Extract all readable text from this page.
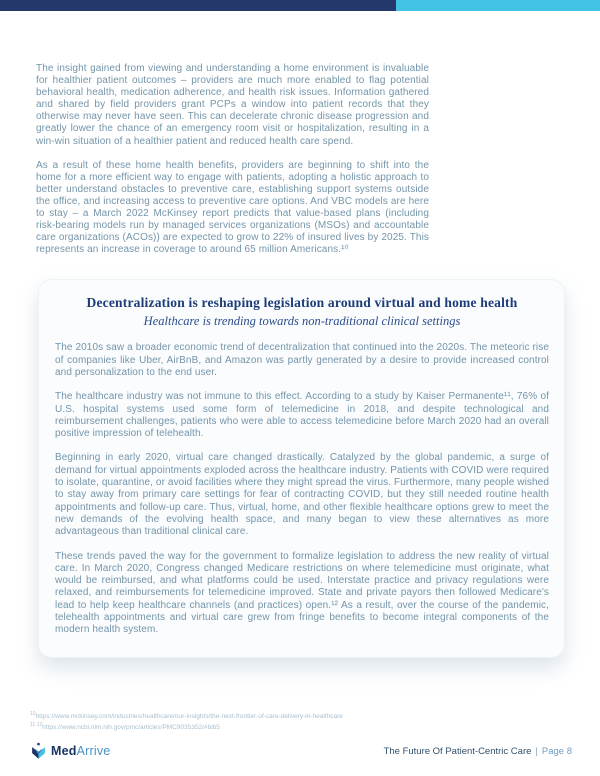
The insight gained from viewing and understanding a home environment is invaluable for healthier patient outcomes – providers are much more enabled to flag potential behavioral health, medication adherence, and health risk issues. Information gathered and shared by field providers grant PCPs a window into patient records that they otherwise may never have seen. This can decelerate chronic disease progression and greatly lower the chance of an emergency room visit or hospitalization, resulting in a win-win situation of a healthier patient and reduced health care spend.

As a result of these home health benefits, providers are beginning to shift into the home for a more efficient way to engage with patients, adopting a holistic approach to better understand obstacles to preventive care, establishing support systems outside the office, and increasing access to preventive care options. And VBC models are here to stay – a March 2022 McKinsey report predicts that value-based plans (including risk-bearing models run by managed services organizations (MSOs) and accountable care organizations (ACOs)) are expected to grow to 22% of insured lives by 2025. This represents an increase in coverage to around 65 million Americans.¹⁰

Decentralization is reshaping legislation around virtual and home health
Healthcare is trending towards non-traditional clinical settings

The 2010s saw a broader economic trend of decentralization that continued into the 2020s. The meteoric rise of companies like Uber, AirBnB, and Amazon was partly generated by a desire to provide increased control and personalization to the end user.

The healthcare industry was not immune to this effect. According to a study by Kaiser Permanente¹¹, 76% of U.S. hospital systems used some form of telemedicine in 2018, and despite technological and reimbursement challenges, patients who were able to access telemedicine before March 2020 had an overall positive impression of telehealth.

Beginning in early 2020, virtual care changed drastically. Catalyzed by the global pandemic, a surge of demand for virtual appointments exploded across the healthcare industry. Patients with COVID were required to isolate, quarantine, or avoid facilities where they might spread the virus. Furthermore, many people wished to stay away from primary care settings for fear of contracting COVID, but they still needed routine health appointments and follow-up care. Thus, virtual, home, and other flexible healthcare options grew to meet the new demands of the evolving health space, and many began to view these alternatives as more advantageous than traditional clinical care.

These trends paved the way for the government to formalize legislation to address the new reality of virtual care. In March 2020, Congress changed Medicare restrictions on where telemedicine must originate, what would be reimbursed, and what platforms could be used. Interstate practice and privacy regulations were relaxed, and reimbursements for telemedicine improved. State and private payors then followed Medicare's lead to help keep healthcare channels (and practices) open.¹² As a result, over the course of the pandemic, telehealth appointments and virtual care grew from fringe benefits to become integral components of the modern health system.

$^{10}$https://www.mckinsey.com/industries/healthcare/our-insights/the-next-frontier-of-care-delivery-in-healthcare
$^{11 12}$https://www.ncbi.nlm.nih.gov/pmc/articles/PMC9035352/#bib5
MedArrive	The Future Of Patient-Centric Care | Page 8
